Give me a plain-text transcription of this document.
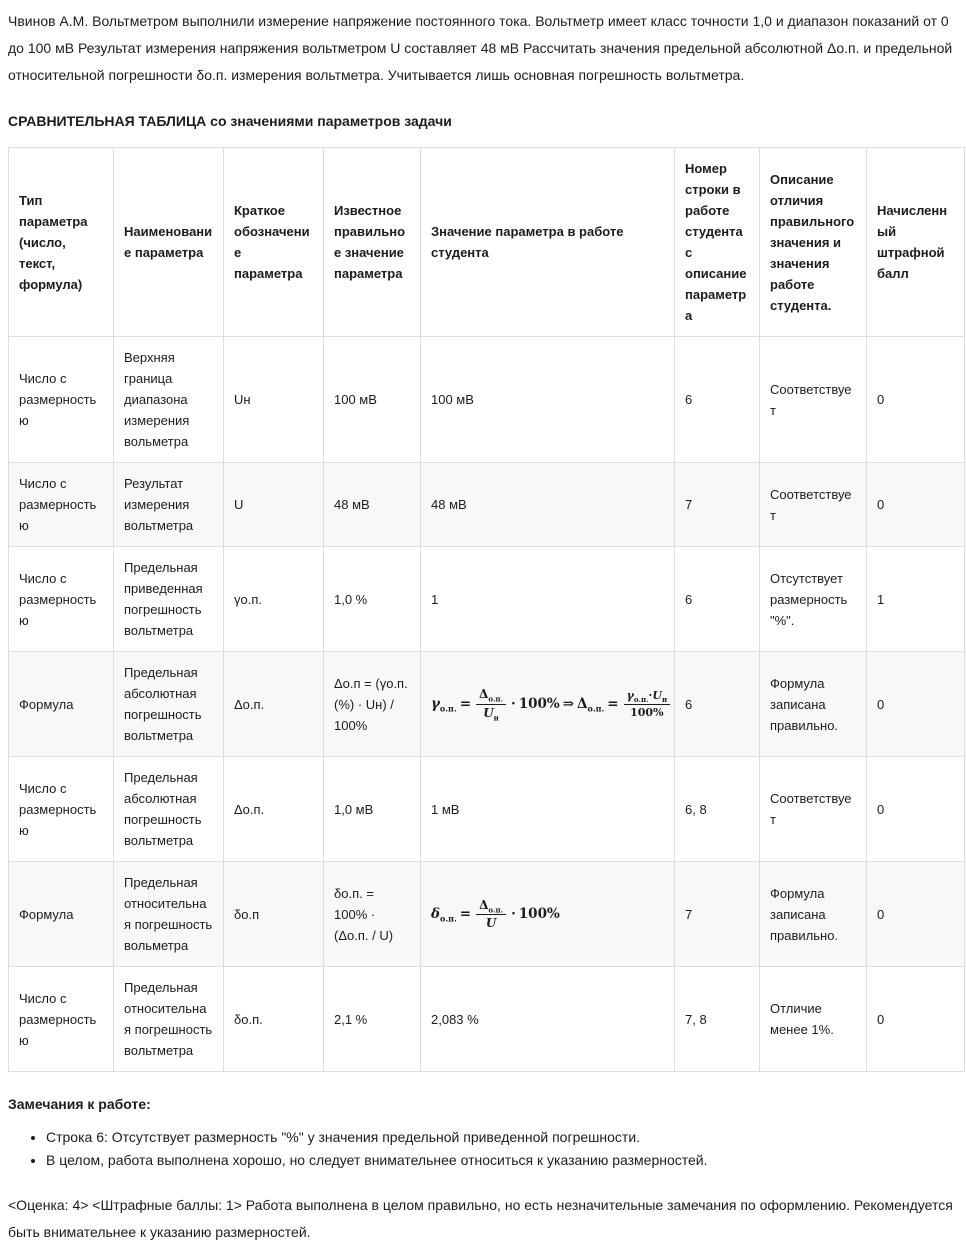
Чвинов А.М. Вольтметром выполнили измерение напряжение постоянного тока. Вольтметр имеет класс точности 1,0 и диапазон показаний от 0 до 100 мВ Результат измерения напряжения вольтметром U составляет 48 мВ Рассчитать значения предельной абсолютной Δо.п. и предельной относительной погрешности δо.п. измерения вольтметра. Учитывается лишь основная погрешность вольтметра.

СРАВНИТЕЛЬНАЯ ТАБЛИЦА со значениями параметров задачи

Тип параметра (число, текст, формула)	Наименование параметра	Краткое обозначение параметра	Известное правильное значение параметра	Значение параметра в работе студента	Номер строки в работе студента с описание параметра	Описание отличия правильного значения и значения работе студента.	Начисленный штрафной балл
Число с размерностью	Верхняя граница диапазона измерения вольметра	Uн	100 мВ	100 мВ	6	Соответствует	0
Число с размерностью	Результат измерения вольтметра	U	48 мВ	48 мВ	7	Соответствует	0
Число с размерностью	Предельная приведенная погрешность вольтметра	γо.п.	1,0 %	1	6	Отсутствует размерность "%".	1
Формула	Предельная абсолютная погрешность вольтметра	Δо.п.	Δо.п = (γо.п. (%) · Uн) / 100%	$\gamma_{о.п.} = \frac{\Delta_{о.п.}}{U_н} \cdot 100\%$ ⇒ $\Delta_{о.п.} = \frac{\gamma_{о.п.}\cdot U_н}{100\%}$	6	Формула записана правильно.	0
Число с размерностью	Предельная абсолютная погрешность вольтметра	Δо.п.	1,0 мВ	1 мВ	6, 8	Соответствует	0
Формула	Предельная относительная погрешность вольметра	δо.п	δо.п. = 100% · (Δо.п. / U)	$\delta_{о.п.} = \frac{\Delta_{о.п.}}{U} \cdot 100\%$	7	Формула записана правильно.	0
Число с размерностью	Предельная относительная погрешность вольтметра	δо.п.	2,1 %	2,083 %	7, 8	Отличие менее 1%.	0

Замечания к работе:

• Строка 6: Отсутствует размерность "%" у значения предельной приведенной погрешности.
• В целом, работа выполнена хорошо, но следует внимательнее относиться к указанию размерностей.

<Оценка: 4> <Штрафные баллы: 1> Работа выполнена в целом правильно, но есть незначительные замечания по оформлению. Рекомендуется быть внимательнее к указанию размерностей.
